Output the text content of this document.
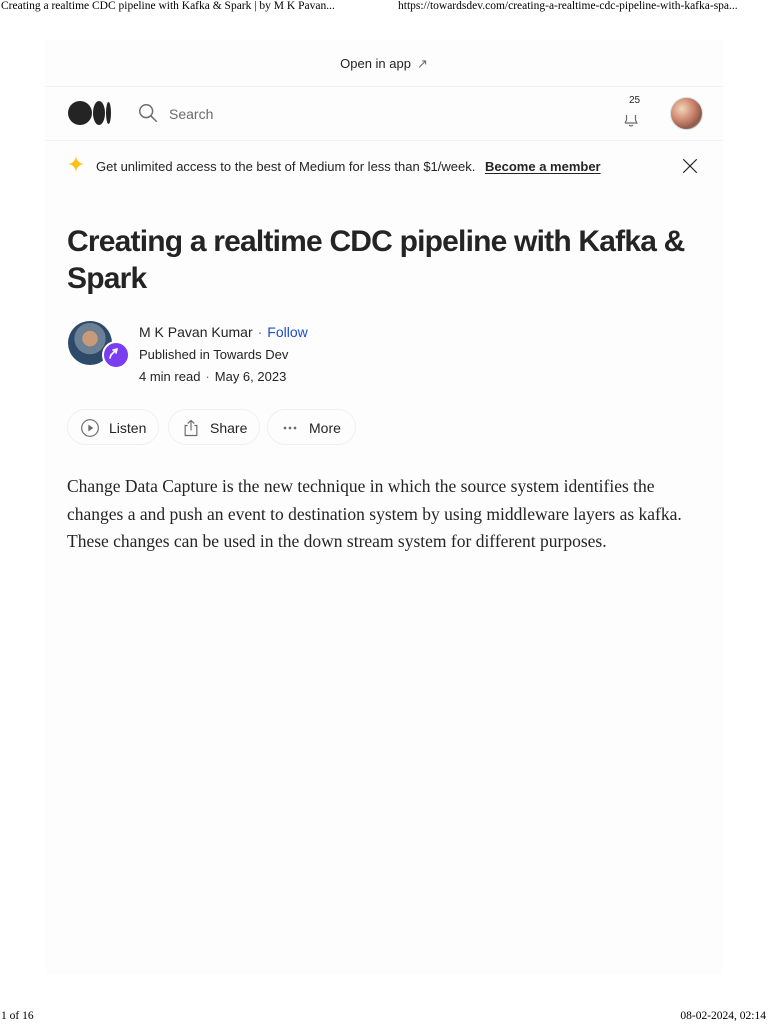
Creating a realtime CDC pipeline with Kafka & Spark | by M K Pavan...	https://towardsdev.com/creating-a-realtime-cdc-pipeline-with-kafka-spa...
Open in app ↗
Search
25
Get unlimited access to the best of Medium for less than $1/week. Become a member
Creating a realtime CDC pipeline with Kafka & Spark
M K Pavan Kumar · Follow
Published in Towards Dev
4 min read · May 6, 2023
Listen	Share	More

Change Data Capture is the new technique in which the source system identifies the changes a and push an event to destination system by using middleware layers as kafka. These changes can be used in the down stream system for different purposes.

1 of 16	08-02-2024, 02:14
